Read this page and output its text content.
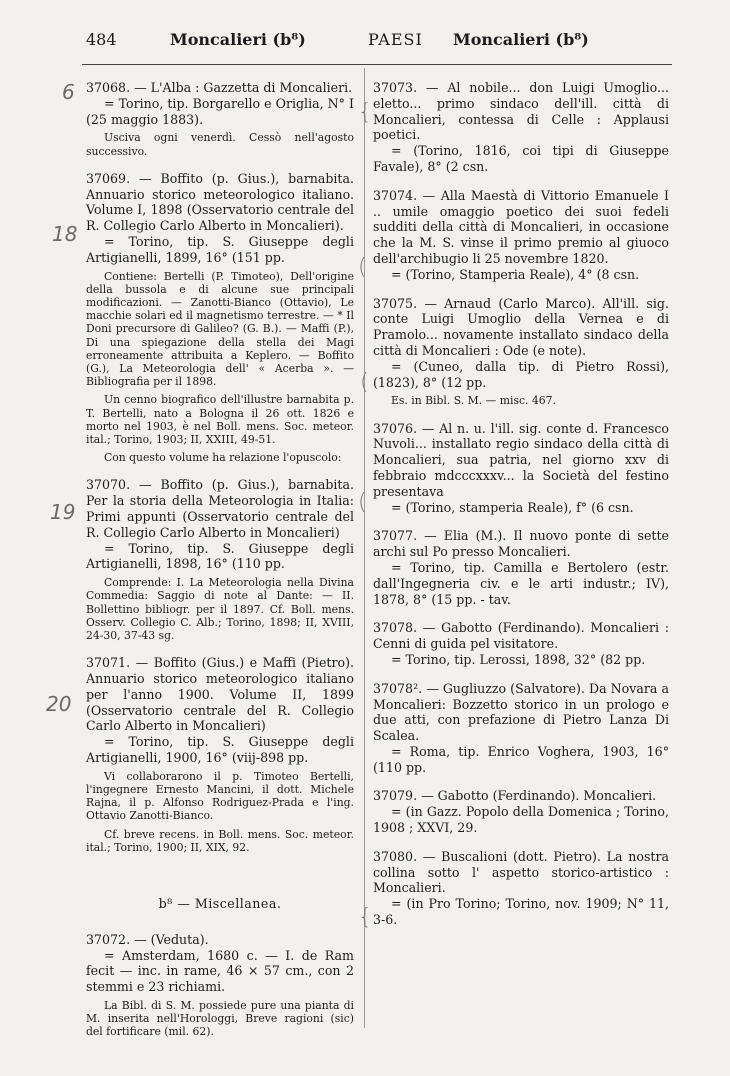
484	Moncalieri (b⁸)	PAESI Moncalieri (b⁸)

37068. — L'Alba : Gazzetta di Moncalieri.

= Torino, tip. Borgarello e Origlia, N° I (25 maggio 1883).

Usciva ogni venerdì. Cessò nell'agosto successivo.

37069. — Boffito (p. Gius.), barnabita. Annuario storico meteorologico italiano. Volume I, 1898 (Osservatorio centrale del R. Collegio Carlo Alberto in Moncalieri).

= Torino, tip. S. Giuseppe degli Artigianelli, 1899, 16° (151 pp.

Contiene: Bertelli (P. Timoteo), Dell'origine della bussola e di alcune sue principali modificazioni. — Zanotti-Bianco (Ottavio), Le macchie solari ed il magnetismo terrestre. — * Il Doni precursore di Galileo? (G. B.). — Maffi (P.), Di una spiegazione della stella dei Magi erroneamente attribuita a Keplero. — Boffito (G.), La Meteorologia dell' « Acerba ». — Bibliografia per il 1898.

Un cenno biografico dell'illustre barnabita p. T. Bertelli, nato a Bologna il 26 ott. 1826 e morto nel 1903, è nel Boll. mens. Soc. meteor. ital.; Torino, 1903; II, XXIII, 49-51.

Con questo volume ha relazione l'opuscolo:

37070. — Boffito (p. Gius.), barnabita. Per la storia della Meteorologia in Italia: Primi appunti (Osservatorio centrale del R. Collegio Carlo Alberto in Moncalieri)

= Torino, tip. S. Giuseppe degli Artigianelli, 1898, 16° (110 pp.

Comprende: I. La Meteorologia nella Divina Commedia: Saggio di note al Dante: — II. Bollettino bibliogr. per il 1897. Cf. Boll. mens. Osserv. Collegio C. Alb.; Torino, 1898; II, XVIII, 24-30, 37-43 sg.

37071. — Boffito (Gius.) e Maffi (Pietro). Annuario storico meteorologico italiano per l'anno 1900. Volume II, 1899 (Osservatorio centrale del R. Collegio Carlo Alberto in Moncalieri)

= Torino, tip. S. Giuseppe degli Artigianelli, 1900, 16° (viij-898 pp.

Vi collaborarono il p. Timoteo Bertelli, l'ingegnere Ernesto Mancini, il dott. Michele Rajna, il p. Alfonso Rodriguez-Prada e l'ing. Ottavio Zanotti-Bianco.

Cf. breve recens. in Boll. mens. Soc. meteor. ital.; Torino, 1900; II, XIX, 92.

b⁸ — Miscellanea.

37072. — (Veduta).

= Amsterdam, 1680 c. — I. de Ram fecit — inc. in rame, 46 × 57 cm., con 2 stemmi e 23 richiami.

La Bibl. di S. M. possiede pure una pianta di M. inserita nell'Horologgi, Breve ragioni (sic) del fortificare (mil. 62).

37073. — Al nobile... don Luigi Umoglio... eletto... primo sindaco dell'ill. città di Moncalieri, contessa di Celle : Applausi poetici.

= (Torino, 1816, coi tipi di Giuseppe Favale), 8° (2 csn.

37074. — Alla Maestà di Vittorio Emanuele I .. umile omaggio poetico dei suoi fedeli sudditi della città di Moncalieri, in occasione che la M. S. vinse il primo premio al giuoco dell'archibugio li 25 novembre 1820.

= (Torino, Stamperia Reale), 4° (8 csn.

37075. — Arnaud (Carlo Marco). All'ill. sig. conte Luigi Umoglio della Vernea e di Pramolo... novamente installato sindaco della città di Moncalieri : Ode (e note).

= (Cuneo, dalla tip. di Pietro Rossi), (1823), 8° (12 pp.

Es. in Bibl. S. M. — misc. 467.

37076. — Al n. u. l'ill. sig. conte d. Francesco Nuvoli... installato regio sindaco della città di Moncalieri, sua patria, nel giorno xxv di febbraio mdcccxxxv... la Società del festino presentava

= (Torino, stamperia Reale), f° (6 csn.

37077. — Elia (M.). Il nuovo ponte di sette archi sul Po presso Moncalieri.

= Torino, tip. Camilla e Bertolero (estr. dall'Ingegneria civ. e le arti industr.; IV), 1878, 8° (15 pp. - tav.

37078. — Gabotto (Ferdinando). Moncalieri : Cenni di guida pel visitatore.

= Torino, tip. Lerossi, 1898, 32° (82 pp.

37078². — Gugliuzzo (Salvatore). Da Novara a Moncalieri: Bozzetto storico in un prologo e due atti, con prefazione di Pietro Lanza Di Scalea.

= Roma, tip. Enrico Voghera, 1903, 16° (110 pp.

37079. — Gabotto (Ferdinando). Moncalieri.

= (in Gazz. Popolo della Domenica ; Torino, 1908 ; XXVI, 29.

37080. — Buscalioni (dott. Pietro). La nostra collina sotto l' aspetto storico-artistico : Moncalieri.

= (in Pro Torino; Torino, nov. 1909; N° 11, 3-6.

6
18
19
20
{
(
(
(
{
